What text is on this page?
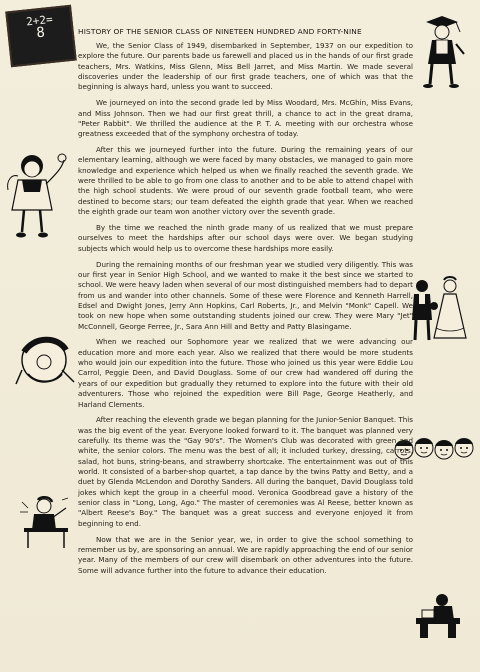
2+2=
8	HISTORY OF THE SENIOR CLASS OF NINETEEN HUNDRED AND FORTY-NINE

We, the Senior Class of 1949, disembarked in September, 1937 on our expedition to explore the future. Our parents bade us farewell and placed us in the hands of our first grade teachers, Mrs. Watkins, Miss Glenn, Miss Bell Jarret, and Miss Martin. We made several discoveries under the leadership of our first grade teachers, one of which was that the beginning is always hard, unless you want to succeed.

We journeyed on into the second grade led by Miss Woodard, Mrs. McGhin, Miss Evans, and Miss Johnson. Then we had our first great thrill, a chance to act in the great drama, "Peter Rabbit". We thrilled the audience at the P. T. A. meeting with our orchestra whose greatness exceeded that of the symphony orchestra of today.

After this we journeyed further into the future. During the remaining years of our elementary learning, although we were faced by many obstacles, we managed to gain more knowledge and experience which helped us when we finally reached the seventh grade. We were thrilled to be able to go from one class to another and to be able to attend chapel with the high school students. We were proud of our seventh grade football team, who were destined to become stars; our team defeated the eighth grade that year. When we reached the eighth grade our team won another victory over the seventh grade.

By the time we reached the ninth grade many of us realized that we must prepare ourselves to meet the hardships after our school days were over. We began studying subjects which would help us to overcome these hardships more easily.

During the remaining months of our freshman year we studied very diligently. This was our first year in Senior High School, and we wanted to make it the best since we started to school. We were heavy laden when several of our most distinguished members had to depart from us and wander into other channels. Some of these were Florence and Kenneth Harrell, Edsel and Dwight Jones, Jerry Ann Hopkins, Carl Roberts, Jr., and Melvin "Monk" Capell. We took on new hope when some outstanding students joined our crew. They were Mary "Jet" McConnell, George Ferree, Jr., Sara Ann Hill and Betty and Patty Blasingame.

When we reached our Sophomore year we realized that we were advancing our education more and more each year. Also we realized that there would be more students who would join our expedition into the future. Those who joined us this year were Eddie Lou Carrol, Peggie Deen, and David Douglass. Some of our crew had wandered off during the years of our expedition but gradually they returned to explore into the future with their old adventurers. Those who rejoined the expedition were Bill Page, George Heatherly, and Harland Clements.

After reaching the eleventh grade we began planning for the Junior-Senior Banquet. This was the big event of the year. Everyone looked forward to it. The banquet was planned very carefully. Its theme was the "Gay 90's". The Women's Club was decorated with green and white, the senior colors. The menu was the best of all; it included turkey, dressing, carrots, salad, hot buns, string-beans, and strawberry shortcake. The entertainment was out of this world. It consisted of a barber-shop quartet, a tap dance by the twins Patty and Betty, and a duet by Glenda McLendon and Dorothy Sanders. All during the banquet, David Douglass told jokes which kept the group in a cheerful mood. Veronica Goodbread gave a history of the senior class in "Long, Long, Ago." The master of ceremonies was Al Reese, better known as "Albert Reese's Boy." The banquet was a great success and everyone enjoyed it from beginning to end.

Now that we are in the Senior year, we, in order to give the school something to remember us by, are sponsoring an annual. We are rapidly approaching the end of our senior year. Many of the members of our crew will disembark on other adventures into the future. Some will advance further into the future to advance their education.
